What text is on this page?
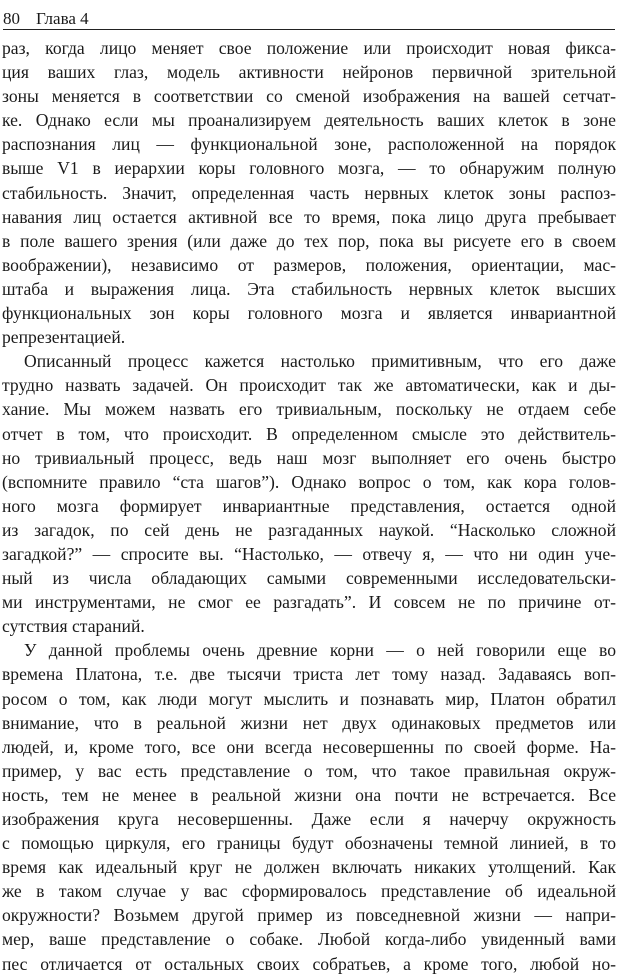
80 Глава 4
раз, когда лицо меняет свое положение или происходит новая фикса-
ция ваших глаз, модель активности нейронов первичной зрительной
зоны меняется в соответствии со сменой изображения на вашей сетчат-
ке. Однако если мы проанализируем деятельность ваших клеток в зоне
распознания лиц — функциональной зоне, расположенной на порядок
выше V1 в иерархии коры головного мозга, — то обнаружим полную
стабильность. Значит, определенная часть нервных клеток зоны распоз-
навания лиц остается активной все то время, пока лицо друга пребывает
в поле вашего зрения (или даже до тех пор, пока вы рисуете его в своем
воображении), независимо от размеров, положения, ориентации, мас-
штаба и выражения лица. Эта стабильность нервных клеток высших
функциональных зон коры головного мозга и является инвариантной
репрезентацией.
Описанный процесс кажется настолько примитивным, что его даже
трудно назвать задачей. Он происходит так же автоматически, как и ды-
хание. Мы можем назвать его тривиальным, поскольку не отдаем себе
отчет в том, что происходит. В определенном смысле это действитель-
но тривиальный процесс, ведь наш мозг выполняет его очень быстро
(вспомните правило “ста шагов”). Однако вопрос о том, как кора голов-
ного мозга формирует инвариантные представления, остается одной
из загадок, по сей день не разгаданных наукой. “Насколько сложной
загадкой?” — спросите вы. “Настолько, — отвечу я, — что ни один уче-
ный из числа обладающих самыми современными исследовательски-
ми инструментами, не смог ее разгадать”. И совсем не по причине от-
сутствия стараний.
У данной проблемы очень древние корни — о ней говорили еще во
времена Платона, т.е. две тысячи триста лет тому назад. Задаваясь воп-
росом о том, как люди могут мыслить и познавать мир, Платон обратил
внимание, что в реальной жизни нет двух одинаковых предметов или
людей, и, кроме того, все они всегда несовершенны по своей форме. На-
пример, у вас есть представление о том, что такое правильная окруж-
ность, тем не менее в реальной жизни она почти не встречается. Все
изображения круга несовершенны. Даже если я начерчу окружность
с помощью циркуля, его границы будут обозначены темной линией, в то
время как идеальный круг не должен включать никаких утолщений. Как
же в таком случае у вас сформировалось представление об идеальной
окружности? Возьмем другой пример из повседневной жизни — напри-
мер, ваше представление о собаке. Любой когда-либо увиденный вами
пес отличается от остальных своих собратьев, а кроме того, любой но-
